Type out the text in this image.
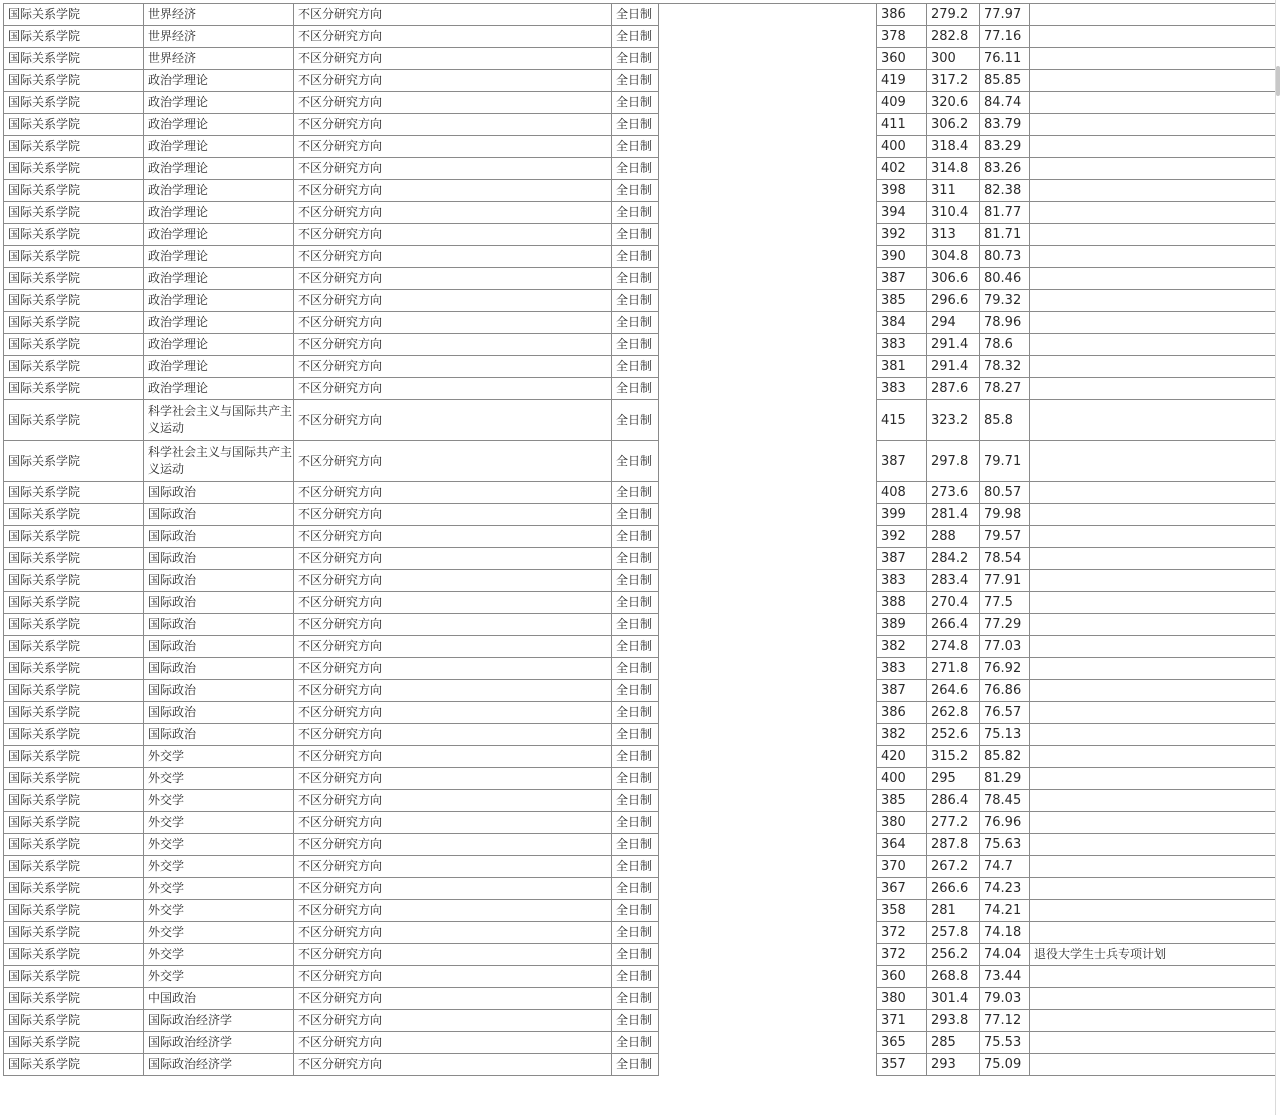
国际关系学院	世界经济	不区分研究方向	全日制		386	279.2	77.97	
国际关系学院	世界经济	不区分研究方向	全日制		378	282.8	77.16	
国际关系学院	世界经济	不区分研究方向	全日制		360	300	76.11	
国际关系学院	政治学理论	不区分研究方向	全日制		419	317.2	85.85	
国际关系学院	政治学理论	不区分研究方向	全日制		409	320.6	84.74	
国际关系学院	政治学理论	不区分研究方向	全日制		411	306.2	83.79	
国际关系学院	政治学理论	不区分研究方向	全日制		400	318.4	83.29	
国际关系学院	政治学理论	不区分研究方向	全日制		402	314.8	83.26	
国际关系学院	政治学理论	不区分研究方向	全日制		398	311	82.38	
国际关系学院	政治学理论	不区分研究方向	全日制		394	310.4	81.77	
国际关系学院	政治学理论	不区分研究方向	全日制		392	313	81.71	
国际关系学院	政治学理论	不区分研究方向	全日制		390	304.8	80.73	
国际关系学院	政治学理论	不区分研究方向	全日制		387	306.6	80.46	
国际关系学院	政治学理论	不区分研究方向	全日制		385	296.6	79.32	
国际关系学院	政治学理论	不区分研究方向	全日制		384	294	78.96	
国际关系学院	政治学理论	不区分研究方向	全日制		383	291.4	78.6	
国际关系学院	政治学理论	不区分研究方向	全日制		381	291.4	78.32	
国际关系学院	政治学理论	不区分研究方向	全日制		383	287.6	78.27	
国际关系学院	科学社会主义与国际共产主义运动	不区分研究方向	全日制		415	323.2	85.8	
国际关系学院	科学社会主义与国际共产主义运动	不区分研究方向	全日制		387	297.8	79.71	
国际关系学院	国际政治	不区分研究方向	全日制		408	273.6	80.57	
国际关系学院	国际政治	不区分研究方向	全日制		399	281.4	79.98	
国际关系学院	国际政治	不区分研究方向	全日制		392	288	79.57	
国际关系学院	国际政治	不区分研究方向	全日制		387	284.2	78.54	
国际关系学院	国际政治	不区分研究方向	全日制		383	283.4	77.91	
国际关系学院	国际政治	不区分研究方向	全日制		388	270.4	77.5	
国际关系学院	国际政治	不区分研究方向	全日制		389	266.4	77.29	
国际关系学院	国际政治	不区分研究方向	全日制		382	274.8	77.03	
国际关系学院	国际政治	不区分研究方向	全日制		383	271.8	76.92	
国际关系学院	国际政治	不区分研究方向	全日制		387	264.6	76.86	
国际关系学院	国际政治	不区分研究方向	全日制		386	262.8	76.57	
国际关系学院	国际政治	不区分研究方向	全日制		382	252.6	75.13	
国际关系学院	外交学	不区分研究方向	全日制		420	315.2	85.82	
国际关系学院	外交学	不区分研究方向	全日制		400	295	81.29	
国际关系学院	外交学	不区分研究方向	全日制		385	286.4	78.45	
国际关系学院	外交学	不区分研究方向	全日制		380	277.2	76.96	
国际关系学院	外交学	不区分研究方向	全日制		364	287.8	75.63	
国际关系学院	外交学	不区分研究方向	全日制		370	267.2	74.7	
国际关系学院	外交学	不区分研究方向	全日制		367	266.6	74.23	
国际关系学院	外交学	不区分研究方向	全日制		358	281	74.21	
国际关系学院	外交学	不区分研究方向	全日制		372	257.8	74.18	
国际关系学院	外交学	不区分研究方向	全日制		372	256.2	74.04	退役大学生士兵专项计划
国际关系学院	外交学	不区分研究方向	全日制		360	268.8	73.44	
国际关系学院	中国政治	不区分研究方向	全日制		380	301.4	79.03	
国际关系学院	国际政治经济学	不区分研究方向	全日制		371	293.8	77.12	
国际关系学院	国际政治经济学	不区分研究方向	全日制		365	285	75.53	
国际关系学院	国际政治经济学	不区分研究方向	全日制		357	293	75.09	
